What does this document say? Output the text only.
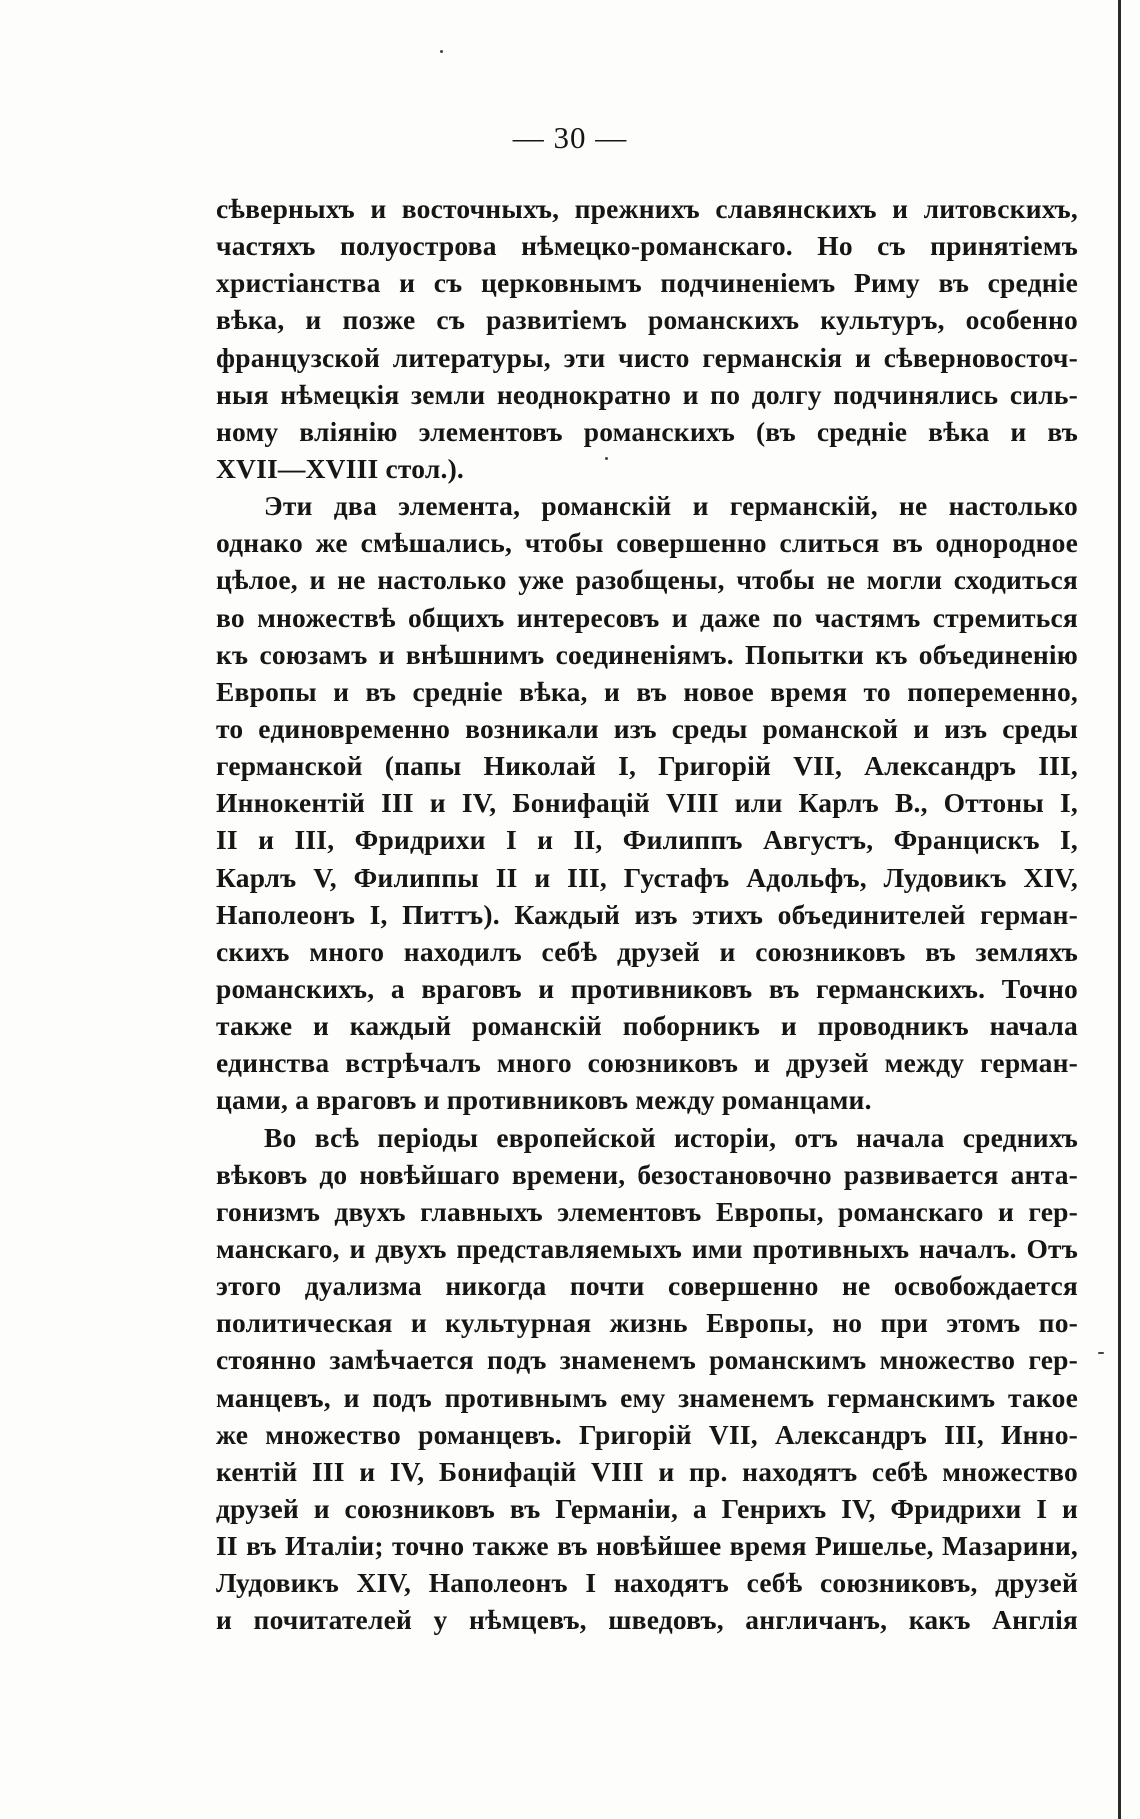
— 30 —
сѣверныхъ и восточныхъ, прежнихъ славянскихъ и литовскихъ,
частяхъ полуострова нѣмецко-романскаго. Но съ принятіемъ
христіанства и съ церковнымъ подчиненіемъ Риму въ средніе
вѣка, и позже съ развитіемъ романскихъ культуръ, особенно
французской литературы, эти чисто германскія и сѣверновосточ-
ныя нѣмецкія земли неоднократно и по долгу подчинялись силь-
ному вліянію элементовъ романскихъ (въ средніе вѣка и въ
XVII—XVIII стол.).
Эти два элемента, романскій и германскій, не настолько
однако же смѣшались, чтобы совершенно слиться въ однородное
цѣлое, и не настолько уже разобщены, чтобы не могли сходиться
во множествѣ общихъ интересовъ и даже по частямъ стремиться
къ союзамъ и внѣшнимъ соединеніямъ. Попытки къ объединенію
Европы и въ средніе вѣка, и въ новое время то попеременно,
то единовременно возникали изъ среды романской и изъ среды
германской (папы Николай I, Григорій VII, Александръ III,
Иннокентій III и IV, Бонифацій VIII или Карлъ В., Оттоны I,
II и III, Фридрихи I и II, Филиппъ Августъ, Францискъ I,
Карлъ V, Филиппы II и III, Густафъ Адольфъ, Лудовикъ XIV,
Наполеонъ I, Питтъ). Каждый изъ этихъ объединителей герман-
скихъ много находилъ себѣ друзей и союзниковъ въ земляхъ
романскихъ, а враговъ и противниковъ въ германскихъ. Точно
также и каждый романскій поборникъ и проводникъ начала
единства встрѣчалъ много союзниковъ и друзей между герман-
цами, а враговъ и противниковъ между романцами.
Во всѣ періоды европейской исторіи, отъ начала среднихъ
вѣковъ до новѣйшаго времени, безостановочно развивается анта-
гонизмъ двухъ главныхъ элементовъ Европы, романскаго и гер-
манскаго, и двухъ представляемыхъ ими противныхъ началъ. Отъ
этого дуализма никогда почти совершенно не освобождается
политическая и культурная жизнь Европы, но при этомъ по-
стоянно замѣчается подъ знаменемъ романскимъ множество гер-
манцевъ, и подъ противнымъ ему знаменемъ германскимъ такое
же множество романцевъ. Григорій VII, Александръ III, Инно-
кентій III и IV, Бонифацій VIII и пр. находятъ себѣ множество
друзей и союзниковъ въ Германіи, а Генрихъ IV, Фридрихи I и
II въ Италіи; точно также въ новѣйшее время Ришелье, Мазарини,
Лудовикъ XIV, Наполеонъ I находятъ себѣ союзниковъ, друзей
и почитателей у нѣмцевъ, шведовъ, англичанъ, какъ Англія
